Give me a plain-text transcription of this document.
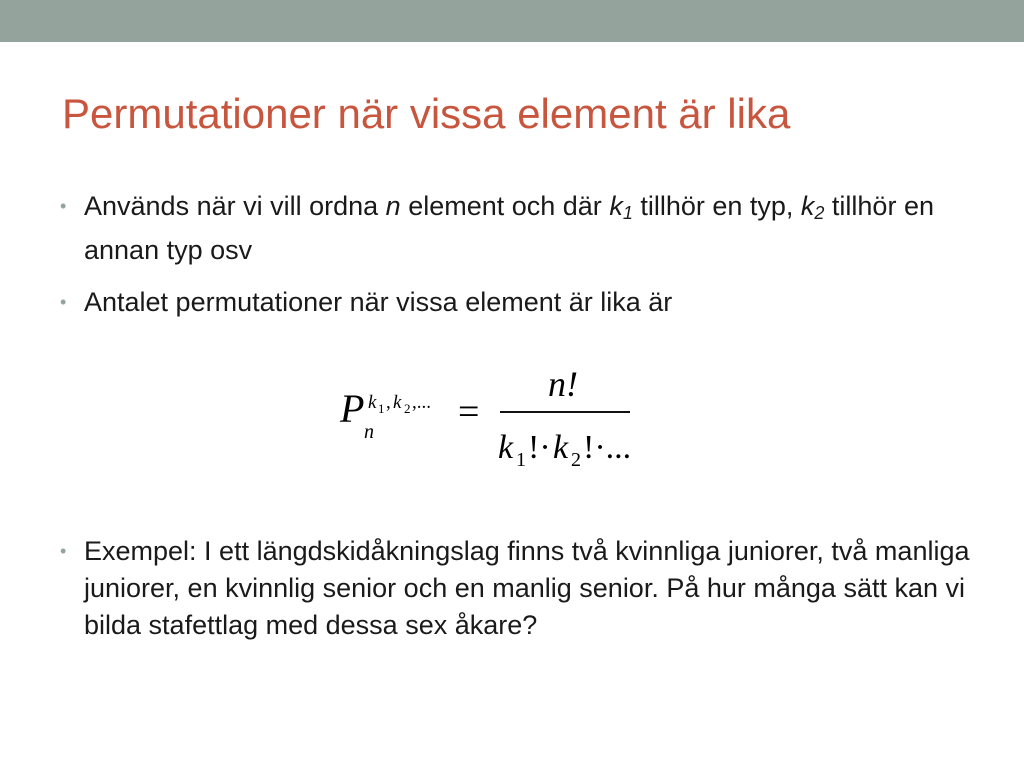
Permutationer när vissa element är lika
• Används när vi vill ordna n element och där $k_1$ tillhör en typ, $k_2$ tillhör en annan typ osv
• Antalet permutationer när vissa element är lika är
P
n
k 1 , k 2 ,... =
n!
k 1 !· k 2 !·...
• Exempel: I ett längdskidåkningslag finns två kvinnliga juniorer, två manliga juniorer, en kvinnlig senior och en manlig senior. På hur många sätt kan vi bilda stafettlag med dessa sex åkare?
